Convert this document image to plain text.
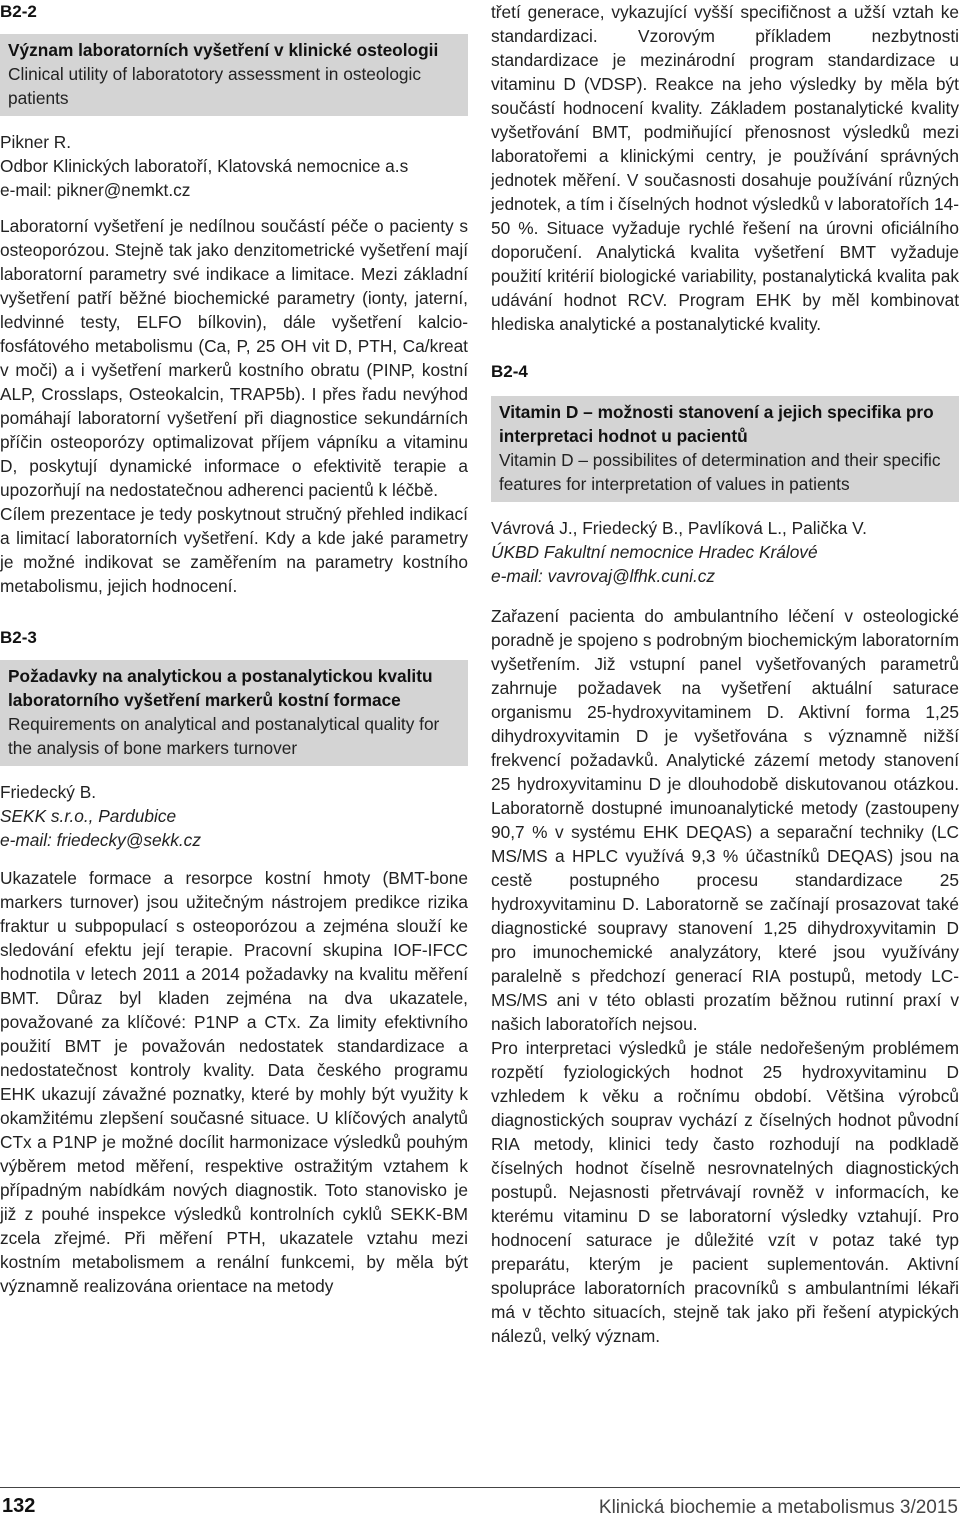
B2-2
Význam laboratorních vyšetření v klinické osteologii
Clinical utility of laboratotory assessment in osteologic patients
Pikner R.
Odbor Klinických laboratoří, Klatovská nemocnice a.s
e-mail: pikner@nemkt.cz

Laboratorní vyšetření je nedílnou součástí péče o pacienty s osteoporózou. Stejně tak jako denzitometrické vyšetření mají laboratorní parametry své indikace a limitace. Mezi základní vyšetření patří běžné biochemické parametry (ionty, jaterní, ledvinné testy, ELFO bílkovin), dále vyšetření kalcio-fosfátového metabolismu (Ca, P, 25 OH vit D, PTH, Ca/kreat v moči) a i vyšetření markerů kostního obratu (PINP, kostní ALP, Crosslaps, Osteokalcin, TRAP5b). I přes řadu nevýhod pomáhají laboratorní vyšetření při diagnostice sekundárních příčin osteoporózy optimalizovat příjem vápníku a vitaminu D, poskytují dynamické informace o efektivitě terapie a upozorňují na nedostatečnou adherenci pacientů k léčbě.

Cílem prezentace je tedy poskytnout stručný přehled indikací a limitací laboratorních vyšetření. Kdy a kde jaké parametry je možné indikovat se zaměřením na parametry kostního metabolismu, jejich hodnocení.

B2-3
Požadavky na analytickou a postanalytickou kvalitu laboratorního vyšetření markerů kostní formace
Requirements on analytical and postanalytical quality for the analysis of bone markers turnover
Friedecký B.
SEKK s.r.o., Pardubice
e-mail: friedecky@sekk.cz

Ukazatele formace a resorpce kostní hmoty (BMT-bone markers turnover) jsou užitečným nástrojem predikce rizika fraktur u subpopulací s osteoporózou a zejména slouží ke sledování efektu její terapie. Pracovní skupina IOF-IFCC hodnotila v letech 2011 a 2014 požadavky na kvalitu měření BMT. Důraz byl kladen zejména na dva ukazatele, považované za klíčové: P1NP a CTx. Za limity efektivního použití BMT je považován nedostatek standardizace a nedostatečnost kontroly kvality. Data českého programu EHK ukazují závažné poznatky, které by mohly být využity k okamžitému zlepšení současné situace. U klíčových analytů CTx a P1NP je možné docílit harmonizace výsledků pouhým výběrem metod měření, respektive ostražitým vztahem k případným nabídkám nových diagnostik. Toto stanovisko je již z pouhé inspekce výsledků kontrolních cyklů SEKK-BM zcela zřejmé. Při měření PTH, ukazatele vztahu mezi kostním metabolismem a renální funkcemi, by měla být významně realizována orientace na metody

třetí generace, vykazující vyšší specifičnost a užší vztah ke standardizaci. Vzorovým příkladem nezbytnosti standardizace je mezinárodní program standardizace u vitaminu D (VDSP). Reakce na jeho výsledky by měla být součástí hodnocení kvality. Základem postanalytické kvality vyšetřování BMT, podmiňující přenosnost výsledků mezi laboratořemi a klinickými centry, je používání správných jednotek měření. V současnosti dosahuje používání různých jednotek, a tím i číselných hodnot výsledků v laboratořích 14-50 %. Situace vyžaduje rychlé řešení na úrovni oficiálního doporučení. Analytická kvalita vyšetření BMT vyžaduje použití kritérií biologické variability, postanalytická kvalita pak udávání hodnot RCV. Program EHK by měl kombinovat hlediska analytické a postanalytické kvality.

B2-4
Vitamin D – možnosti stanovení a jejich specifika pro interpretaci hodnot u pacientů
Vitamin D – possibilites of determination and their specific features for interpretation of values in patients
Vávrová J., Friedecký B., Pavlíková L., Palička V.
ÚKBD Fakultní nemocnice Hradec Králové
e-mail: vavrovaj@lfhk.cuni.cz

Zařazení pacienta do ambulantního léčení v osteologické poradně je spojeno s podrobným biochemickým laboratorním vyšetřením. Již vstupní panel vyšetřovaných parametrů zahrnuje požadavek na vyšetření aktuální saturace organismu 25-hydroxyvitaminem D. Aktivní forma 1,25 dihydroxyvitamin D je vyšetřována s významně nižší frekvencí požadavků. Analytické zázemí metody stanovení 25 hydroxyvitaminu D je dlouhodobě diskutovanou otázkou. Laboratorně dostupné imunoanalytické metody (zastoupeny 90,7 % v systému EHK DEQAS) a separační techniky (LC MS/MS a HPLC využívá 9,3 % účastníků DEQAS) jsou na cestě postupného procesu standardizace 25 hydroxyvitaminu D. Laboratorně se začínají prosazovat také diagnostické soupravy stanovení 1,25 dihydroxyvitamin D pro imunochemické analyzátory, které jsou využívány paralelně s předchozí generací RIA postupů, metody LC-MS/MS ani v této oblasti prozatím běžnou rutinní praxí v našich laboratořích nejsou.

Pro interpretaci výsledků je stále nedořešeným problémem rozpětí fyziologických hodnot 25 hydroxyvitaminu D vzhledem k věku a ročnímu období. Většina výrobců diagnostických souprav vychází z číselných hodnot původní RIA metody, klinici tedy často rozhodují na podkladě číselných hodnot číselně nesrovnatelných diagnostických postupů. Nejasnosti přetrvávají rovněž v informacích, ke kterému vitaminu D se laboratorní výsledky vztahují. Pro hodnocení saturace je důležité vzít v potaz také typ preparátu, kterým je pacient suplementován. Aktivní spolupráce laboratorních pracovníků s ambulantními lékaři má v těchto situacích, stejně tak jako při řešení atypických nálezů, velký význam.

132	Klinická biochemie a metabolismus 3/2015
